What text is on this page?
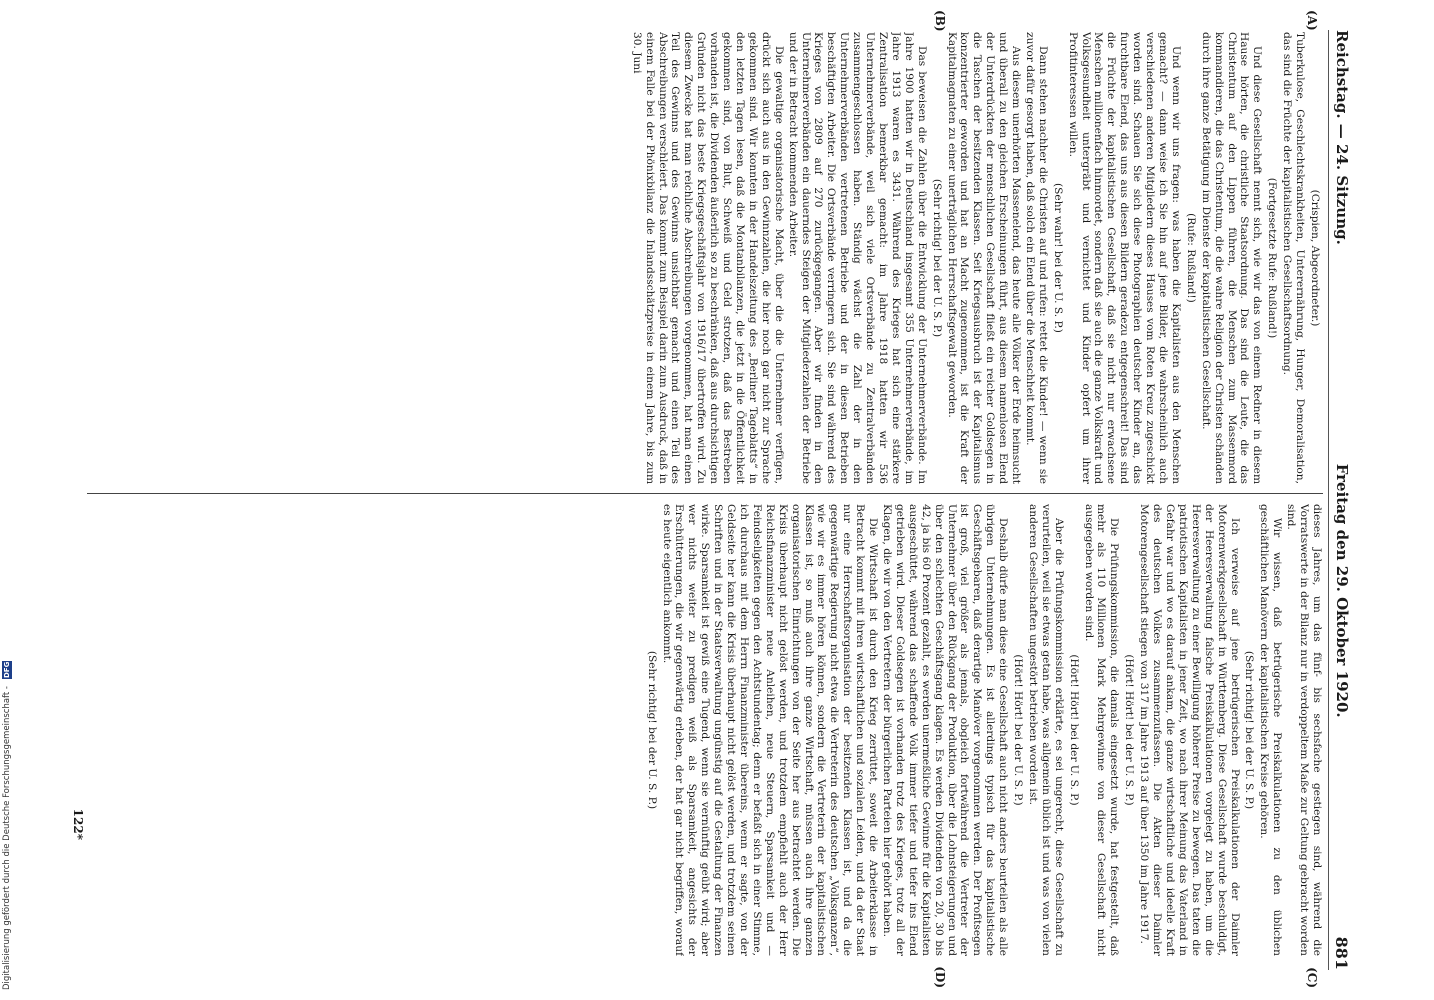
Digitalisierung gefördert durch die Deutsche Forschungsgemeinschaft - DFG
Reichstag. — 24. Sitzung.
Freitag den 29. Oktober 1920.
881
(A)
(B)
(C)
(D)

(Crispien, Abgeordneter.)

Tuberkulose, Geschlechtskrankheiten, Unterernährung, Hunger, Demoralisation, das sind die Früchte der kapitalistischen Gesellschaftsordnung.

(Fortgesetzte Rufe: Rußland!)

Und diese Gesellschaft nennt sich, wie wir das von einem Redner in diesem Hause hörten, die christliche Staatsordnung. Das sind die Leute, die das Christentum auf den Lippen führen, die Menschen zum Massenmord kommandieren, die das Christentum, die die wahre Religion der Christen schänden durch ihre ganze Betätigung im Dienste der kapitalistischen Gesellschaft.

(Rufe: Rußland!)

Und wenn wir uns fragen: was haben die Kapitalisten aus den Menschen gemacht? — dann weise ich Sie hin auf jene Bilder, die wahrscheinlich auch verschiedenen anderen Mitgliedern dieses Hauses vom Roten Kreuz zugeschickt worden sind. Schauen Sie sich diese Photographien deutscher Kinder an, das furchtbare Elend, das uns aus diesen Bildern geradezu entgegenschreit! Das sind die Früchte der kapitalistischen Gesellschaft, daß sie nicht nur erwachsene Menschen millionenfach hinmordet, sondern daß sie auch die ganze Volkskraft und Volksgesundheit untergräbt und vernichtet und Kinder opfert um ihrer Profitinteressen willen.

(Sehr wahr! bei der U. S. P.)

Dann stehen nachher die Christen auf und rufen: rettet die Kinder! — wenn sie zuvor dafür gesorgt haben, daß solch ein Elend über die Menschheit kommt.

Aus diesem unerhörten Massenelend, das heute alle Völker der Erde heimsucht und überall zu den gleichen Erscheinungen führt, aus diesem namenlosen Elend der Unterdrückten der menschlichen Gesellschaft fließt ein reicher Goldsegen in die Taschen der besitzenden Klassen. Seit Kriegsausbruch ist der Kapitalismus konzentrierter geworden und hat an Macht zugenommen, ist die Kraft der Kapitalmagnaten zu einer unerträglichen Herrschaftsgewalt geworden.

(Sehr richtig! bei der U. S. P.)

Das beweisen die Zahlen über die Entwicklung der Unternehmerverbände. Im Jahre 1900 hatten wir in Deutschland insgesamt 355 Unternehmerverbände, im Jahre 1913 waren es 3431. Während des Krieges hat sich eine stärkere Zentralisation bemerkbar gemacht: im Jahre 1918 hatten wir 536 Unternehmerverbände, weil sich viele Ortsverbände zu Zentralverbänden zusammengeschlossen haben. Ständig wächst die Zahl der in den Unternehmerverbänden vertretenen Betriebe und der in diesen Betrieben beschäftigten Arbeiter. Die Ortsverbände verringern sich. Sie sind während des Krieges von 2809 auf 270 zurückgegangen. Aber wir finden in den Unternehmerverbänden ein dauerndes Steigen der Mitgliederzahlen der Betriebe und der in Betracht kommenden Arbeiter.

Die gewaltige organisatorische Macht, über die die Unternehmer verfügen, drückt sich auch aus in den Gewinnzahlen, die hier noch gar nicht zur Sprache gekommen sind. Wir konnten in der Handelszeitung des „Berliner Tageblatts“ in den letzten Tagen lesen, daß die Montanbilanzen, die jetzt in die Öffentlichkeit gekommen sind, von Blut, Schweiß und Geld strotzen, daß das Bestreben vorhanden ist, die Dividenden äußerlich so zu beschränken, daß aus durchsichtigen Gründen nicht das beste Kriegsgeschäftsjahr von 1916/17 übertroffen wird. Zu diesem Zwecke hat man reichliche Abschreibungen vorgenommen, hat man einen Teil des Gewinns und des Gewinns unsichtbar gemacht und einen Teil des Abschreibungen verschleiert. Das kommt zum Beispiel darin zum Ausdruck, daß in einem Falle bei der Phönixbilanz die Inlandsschätzpreise in einem Jahre, bis zum 30. Juni

dieses Jahres, um das fünf- bis sechsfache gestiegen sind, während die Vorratswerte in der Bilanz nur in verdoppeltem Maße zur Geltung gebracht worden sind.

Wir wissen, daß betrügerische Preiskalkulationen zu den üblichen geschäftlichen Manövern der kapitalistischen Kreise gehören.

(Sehr richtig! bei der U. S. P.)

Ich verweise auf jene betrügerischen Preiskalkulationen der Daimler Motorenwerkgesellschaft in Württemberg. Diese Gesellschaft wurde beschuldigt, der Heeresverwaltung falsche Preiskalkulationen vorgelegt zu haben, um die Heeresverwaltung zu einer Bewilligung höherer Preise zu bewegen. Das taten die patriotischen Kapitalisten in jener Zeit, wo nach ihrer Meinung das Vaterland in Gefahr war und wo es darauf ankam, die ganze wirtschaftliche und ideelle Kraft des deutschen Volkes zusammenzufassen. Die Akten dieser Daimler Motorengesellschaft stiegen von 317 im Jahre 1913 auf über 1350 im Jahre 1917.

(Hört! Hört! bei der U. S. P.)

Die Prüfungskommission, die damals eingesetzt wurde, hat festgestellt, daß mehr als 110 Millionen Mark Mehrgewinne von dieser Gesellschaft nicht ausgegeben worden sind.

(Hört! Hört! bei der U. S. P.)

Aber die Prüfungskommission erklärte, es sei ungerecht, diese Gesellschaft zu verurteilen, weil sie etwas getan habe, was allgemein üblich ist und was von vielen anderen Gesellschaften ungestört betrieben worden ist.

(Hört! Hört! bei der U. S. P.)

Deshalb dürfe man diese eine Gesellschaft auch nicht anders beurteilen als alle übrigen Unternehmungen. Es ist allerdings typisch für das kapitalistische Geschäftsgebaren, daß derartige Manöver vorgenommen werden. Der Profitsegen ist groß, viel größer als jemals, obgleich fortwährend die Vertreter der Unternehmer über den Rückgang der Produktion, über die Lohnsteigerungen und über den schlechten Geschäftsgang klagen. Es werden Dividenden von 20, 30 bis 42, ja bis 60 Prozent gezahlt, es werden unermeßliche Gewinne für die Kapitalisten ausgeschüttet, während das schaffende Volk immer tiefer und tiefer ins Elend getrieben wird. Dieser Goldsegen ist vorhanden trotz des Krieges, trotz all der Klagen, die wir von den Vertretern der bürgerlichen Parteien hier gehört haben.

Die Wirtschaft ist durch den Krieg zerrüttet, soweit die Arbeiterklasse in Betracht kommt mit ihren wirtschaftlichen und sozialen Leiden, und da der Staat nur eine Herrschaftsorganisation der besitzenden Klassen ist, und da die gegenwärtige Regierung nicht etwa die Vertreterin des deutschen „Volksganzen“, wie wir es immer hören können, sondern die Vertreterin der kapitalistischen Klassen ist, so muß auch ihre ganze Wirtschaft, müssen auch ihre ganzen organisatorischen Einrichtungen von der Seite her aus betrachtet werden. Die Krisis überhaupt nicht gelöst werden, und trotzdem empfiehlt auch der Herr Reichsfinanzminister neue Anleihen, neue Steuern, Sparsamkeit und — Feindseligkeiten gegen den Achtstundentag; denn er befaßt sich in einer Stimme, ich durchaus mit dem Herrn Finanzminister übereins, wenn er sagte, von der Geldseite her kann die Krisis überhaupt nicht gelöst werden, und trotzdem seinen Schriften und in der Staatsverwaltung ungünstig auf die Gestaltung der Finanzen wirke. Sparsamkeit ist gewiß eine Tugend, wenn sie vernünftig geübt wird; aber wer nichts weiter zu predigen weiß als Sparsamkeit, angesichts der Erschütterungen, die wir gegenwärtig erleben, der hat gar nicht begriffen, worauf es heute eigentlich ankommt.

(Sehr richtig! bei der U. S. P.)

122*
